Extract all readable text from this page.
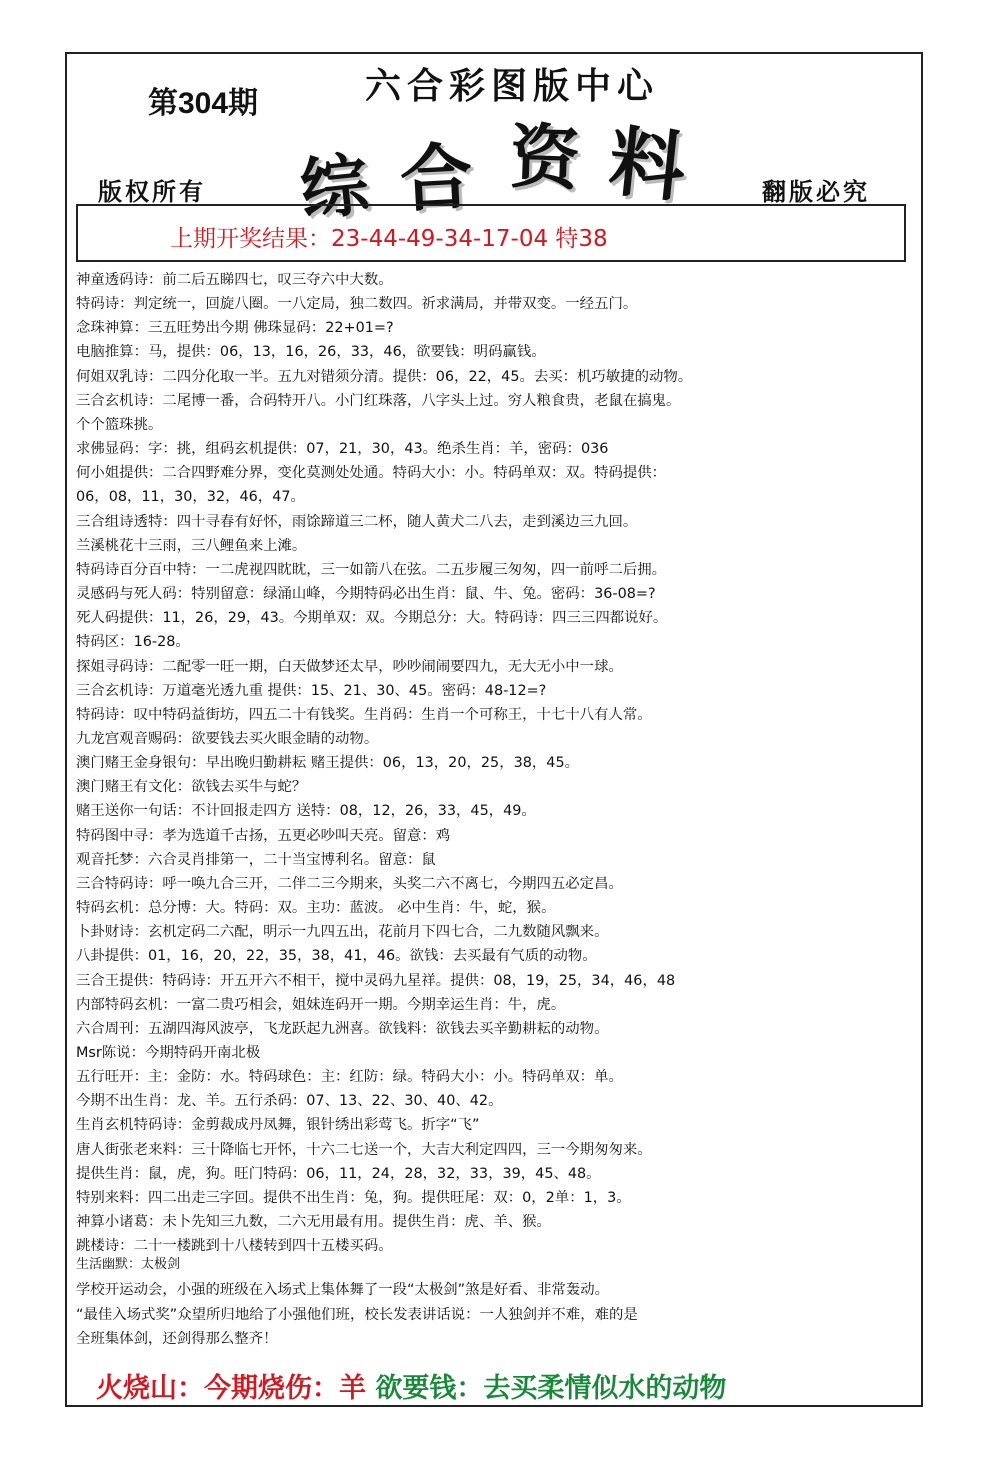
第304期	六合彩图版中心
综 合 资 料
版权所有	翻版必究
上期开奖结果：23-44-49-34-17-04 特38
神童透码诗：前二后五睇四七，叹三夺六中大数。
特码诗：判定统一，回旋八圈。一八定局，独二数四。祈求满局，并带双变。一经五门。
念珠神算：三五旺势出今期 佛珠显码：22+01=?
电脑推算：马，提供：06，13，16，26，33，46，欲要钱：明码赢钱。
何姐双乳诗：二四分化取一半。五九对错须分清。提供：06，22，45。去买：机巧敏捷的动物。
三合玄机诗：二尾博一番，合码特开八。小门红珠落，八字头上过。穷人粮食贵，老鼠在搞鬼。
个个篮珠挑。
求佛显码：字：挑，组码玄机提供：07，21，30，43。绝杀生肖：羊，密码：036
何小姐提供：二合四野难分界，变化莫测处处通。特码大小：小。特码单双：双。特码提供：
06，08，11，30，32，46，47。
三合组诗透特：四十寻春有好怀，雨馀蹄道三二杯，随人黄犬二八去，走到溪边三九回。
兰溪桃花十三雨，三八鲤鱼来上滩。
特码诗百分百中特：一二虎视四眈眈，三一如箭八在弦。二五步履三匆匆，四一前呼二后拥。
灵感码与死人码：特别留意：绿涌山峰，今期特码必出生肖：鼠、牛、兔。密码：36-08=?
死人码提供：11，26，29，43。今期单双：双。今期总分：大。特码诗：四三三四都说好。
特码区：16-28。
探姐寻码诗：二配零一旺一期，白天做梦还太早，吵吵闹闹要四九，无大无小中一球。
三合玄机诗：万道毫光透九重 提供：15、21、30、45。密码：48-12=?
特码诗：叹中特码益街坊，四五二十有钱奖。生肖码：生肖一个可称王，十七十八有人常。
九龙宫观音赐码：欲要钱去买火眼金睛的动物。
澳门赌王金身银句：早出晚归勤耕耘 赌王提供：06，13，20，25，38，45。
澳门赌王有文化：欲钱去买牛与蛇？
赌王送你一句话：不计回报走四方 送特：08，12，26，33，45，49。
特码图中寻：孝为选道千古扬，五更必吵叫天亮。留意：鸡
观音托梦：六合灵肖排第一，二十当宝博利名。留意：鼠
三合特码诗：呼一唤九合三开，二伴二三今期来，头奖二六不离七，今期四五必定昌。
特码玄机：总分博：大。特码：双。主功：蓝波。 必中生肖：牛，蛇，猴。
卜卦财诗：玄机定码二六配，明示一九四五出，花前月下四七合，二九数随风飘来。
八卦提供：01，16，20，22，35，38，41，46。欲钱：去买最有气质的动物。
三合王提供：特码诗：开五开六不相干，搅中灵码九星祥。提供：08，19，25，34，46，48
内部特码玄机：一富二贵巧相会，姐妹连码开一期。今期幸运生肖：牛，虎。
六合周刊：五湖四海风波亭，飞龙跃起九洲喜。欲钱料：欲钱去买辛勤耕耘的动物。
Msr陈说：今期特码开南北极
五行旺开：主：金防：水。特码球色：主：红防：绿。特码大小：小。特码单双：单。
今期不出生肖：龙、羊。五行杀码：07、13、22、30、40、42。
生肖玄机特码诗：金剪裁成丹凤舞，银针绣出彩莺飞。折字“飞”
唐人街张老来料：三十降临七开怀，十六二七送一个，大吉大利定四四，三一今期匆匆来。
提供生肖：鼠，虎，狗。旺门特码：06，11，24，28，32，33，39，45、48。
特别来料：四二出走三字回。提供不出生肖：兔，狗。提供旺尾：双：0，2单：1，3。
神算小诸葛：未卜先知三九数，二六无用最有用。提供生肖：虎、羊、猴。
跳楼诗：二十一楼跳到十八楼转到四十五楼买码。
生活幽默：太极剑
学校开运动会，小强的班级在入场式上集体舞了一段“太极剑”煞是好看、非常轰动。
“最佳入场式奖”众望所归地给了小强他们班，校长发表讲话说：一人独剑并不难，难的是
全班集体剑，还剑得那么整齐！
火烧山：今期烧伤：羊 欲要钱：去买柔情似水的动物
